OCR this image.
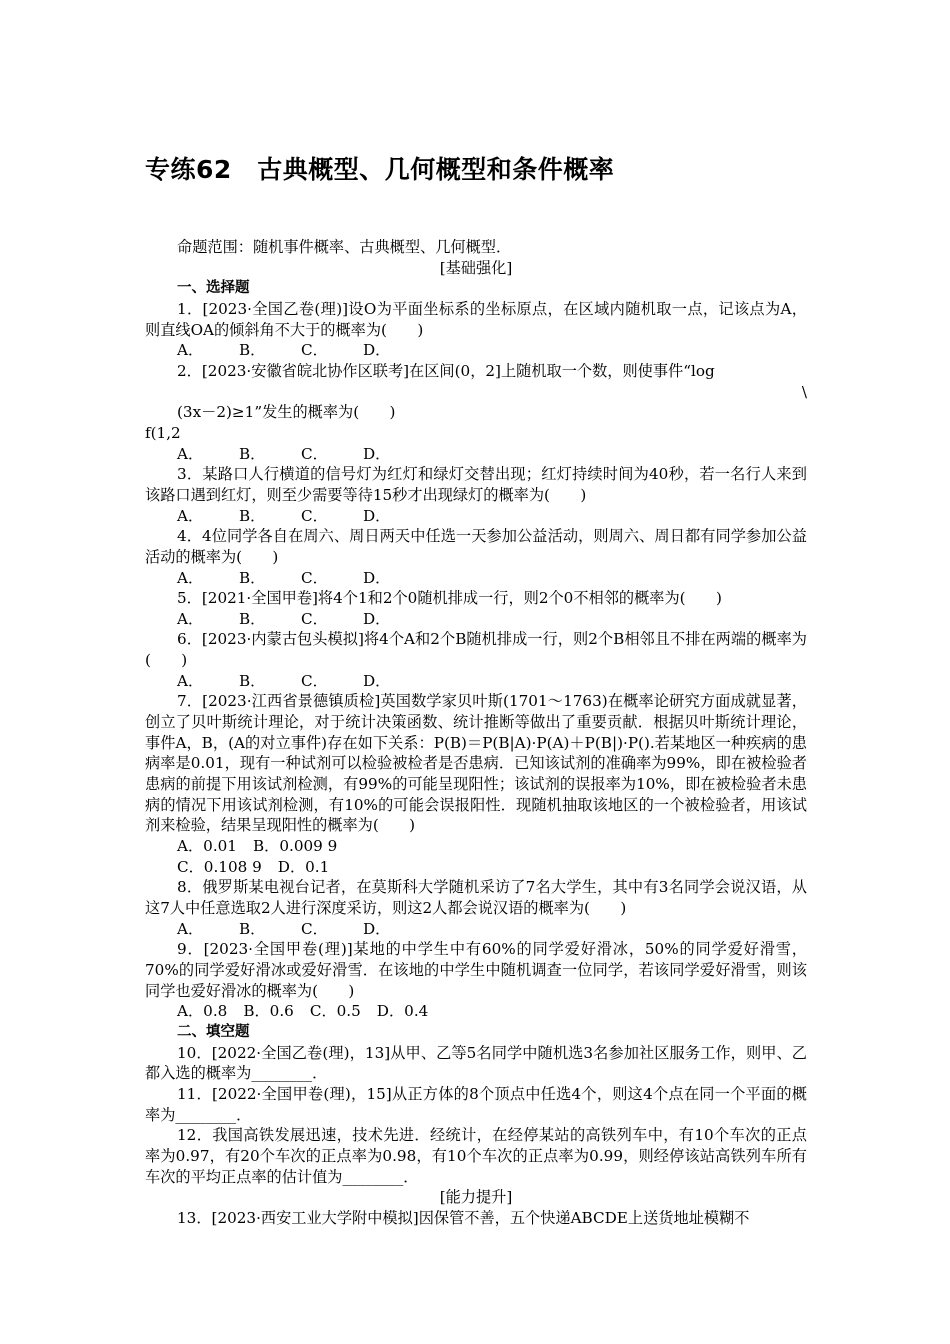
专练62　古典概型、几何概型和条件概率
命题范围：随机事件概率、古典概型、几何概型．
[基础强化]
一、选择题
1．[2023·全国乙卷(理)]设O为平面坐标系的坐标原点，在区域内随机取一点，记该点为A，则直线OA的倾斜角不大于的概率为(　　)
A． B． C． D．
2．[2023·安徽省皖北协作区联考]在区间(0，2]上随机取一个数，则使事件“log
\
(3x－2)≥1”发生的概率为(　　)
f(1,2
A． B． C． D．
3．某路口人行横道的信号灯为红灯和绿灯交替出现；红灯持续时间为40秒，若一名行人来到该路口遇到红灯，则至少需要等待15秒才出现绿灯的概率为(　　)
A． B． C． D．
4．4位同学各自在周六、周日两天中任选一天参加公益活动，则周六、周日都有同学参加公益活动的概率为(　　)
A． B． C． D．
5．[2021·全国甲卷]将4个1和2个0随机排成一行，则2个0不相邻的概率为(　　)
A． B． C． D．
6．[2023·内蒙古包头模拟]将4个A和2个B随机排成一行，则2个B相邻且不排在两端的概率为(　　)
A． B． C． D．
7．[2023·江西省景德镇质检]英国数学家贝叶斯(1701～1763)在概率论研究方面成就显著，创立了贝叶斯统计理论，对于统计决策函数、统计推断等做出了重要贡献．根据贝叶斯统计理论，事件A，B，(A的对立事件)存在如下关系：P(B)＝P(B|A)·P(A)＋P(B|)·P().若某地区一种疾病的患病率是0.01，现有一种试剂可以检验被检者是否患病．已知该试剂的准确率为99%，即在被检验者患病的前提下用该试剂检测，有99%的可能呈现阳性；该试剂的误报率为10%，即在被检验者未患病的情况下用该试剂检测，有10%的可能会误报阳性．现随机抽取该地区的一个被检验者，用该试剂来检验，结果呈现阳性的概率为(　　)
A．0.01 B．0.009 9
C．0.108 9 D．0.1
8．俄罗斯某电视台记者，在莫斯科大学随机采访了7名大学生，其中有3名同学会说汉语，从这7人中任意选取2人进行深度采访，则这2人都会说汉语的概率为(　　)
A． B． C． D．
9．[2023·全国甲卷(理)]某地的中学生中有60%的同学爱好滑冰，50%的同学爱好滑雪，70%的同学爱好滑冰或爱好滑雪．在该地的中学生中随机调查一位同学，若该同学爱好滑雪，则该同学也爱好滑冰的概率为(　　)
A．0.8 B．0.6 C．0.5 D．0.4
二、填空题
10．[2022·全国乙卷(理)，13]从甲、乙等5名同学中随机选3名参加社区服务工作，则甲、乙都入选的概率为________．
11．[2022·全国甲卷(理)，15]从正方体的8个顶点中任选4个，则这4个点在同一个平面的概率为________．
12．我国高铁发展迅速，技术先进．经统计，在经停某站的高铁列车中，有10个车次的正点率为0.97，有20个车次的正点率为0.98，有10个车次的正点率为0.99，则经停该站高铁列车所有车次的平均正点率的估计值为________．
[能力提升]
13．[2023·西安工业大学附中模拟]因保管不善，五个快递ABCDE上送货地址模糊不
